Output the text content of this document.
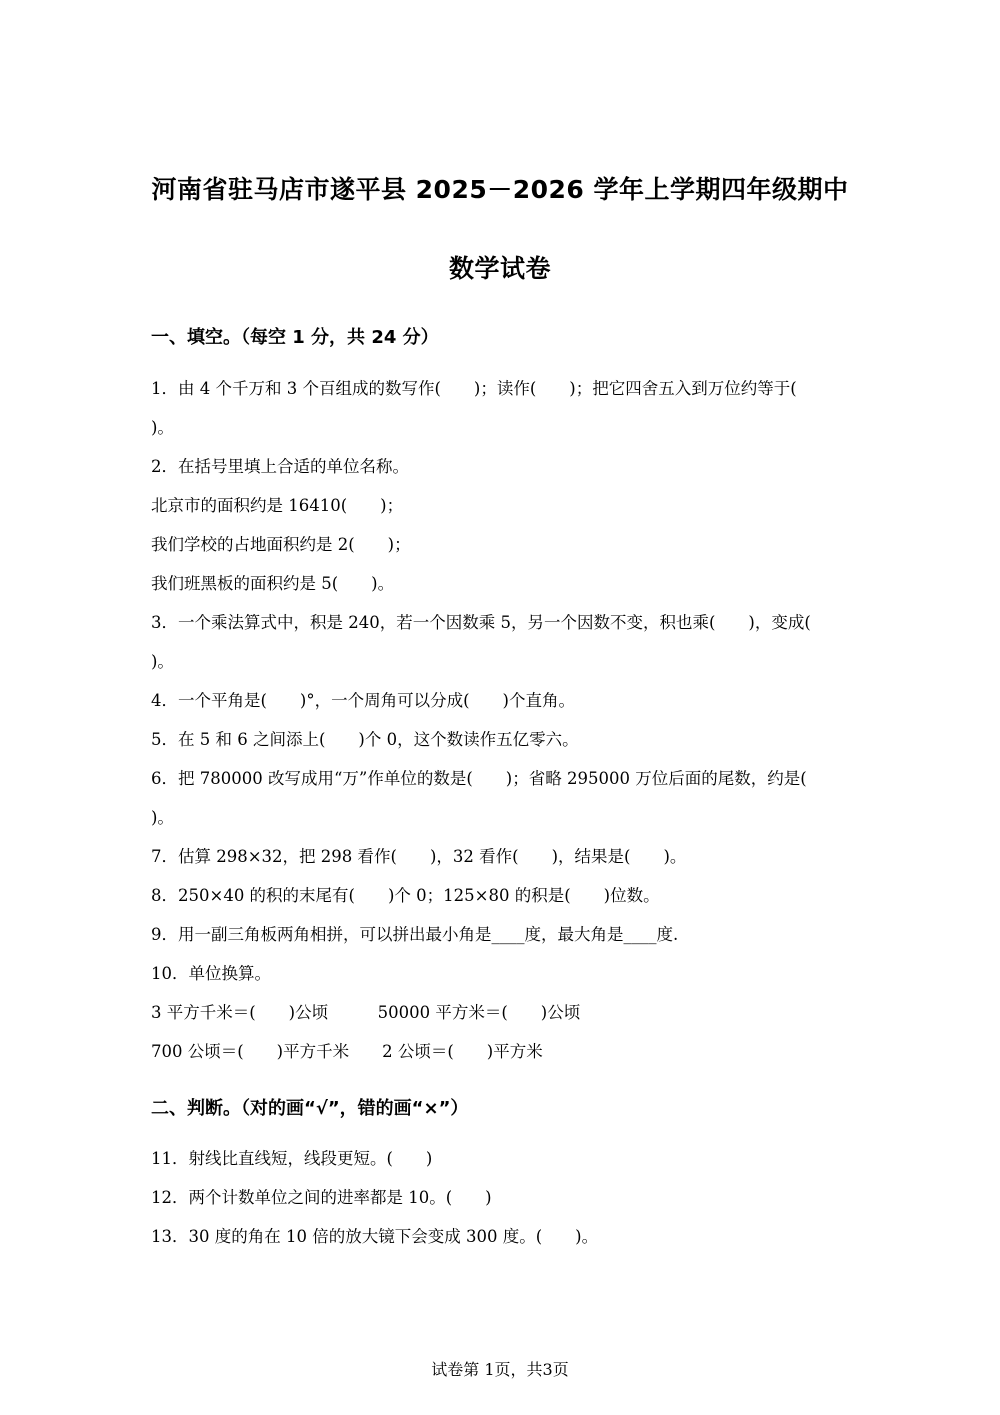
河南省驻马店市遂平县 2025－2026 学年上学期四年级期中
数学试卷
一、填空。（每空 1 分，共 24 分）
1．由 4 个千万和 3 个百组成的数写作(　　)；读作(　　)；把它四舍五入到万位约等于(
)。
2．在括号里填上合适的单位名称。
北京市的面积约是 16410(　　)；
我们学校的占地面积约是 2(　　)；
我们班黑板的面积约是 5(　　)。
3．一个乘法算式中，积是 240，若一个因数乘 5，另一个因数不变，积也乘(　　)，变成(
)。
4．一个平角是(　　)°，一个周角可以分成(　　)个直角。
5．在 5 和 6 之间添上(　　)个 0，这个数读作五亿零六。
6．把 780000 改写成用“万”作单位的数是(　　)；省略 295000 万位后面的尾数，约是(
)。
7．估算 298×32，把 298 看作(　　)，32 看作(　　)，结果是(　　)。
8．250×40 的积的末尾有(　　)个 0；125×80 的积是(　　)位数。
9．用一副三角板两角相拼，可以拼出最小角是____度，最大角是____度.
10．单位换算。
3 平方千米＝(　　)公顷　　　50000 平方米＝(　　)公顷
700 公顷＝(　　)平方千米　　2 公顷＝(　　)平方米
二、判断。（对的画“√”，错的画“×”）
11．射线比直线短，线段更短。(　　)
12．两个计数单位之间的进率都是 10。(　　)
13．30 度的角在 10 倍的放大镜下会变成 300 度。(　　)。
试卷第 1页，共3页
